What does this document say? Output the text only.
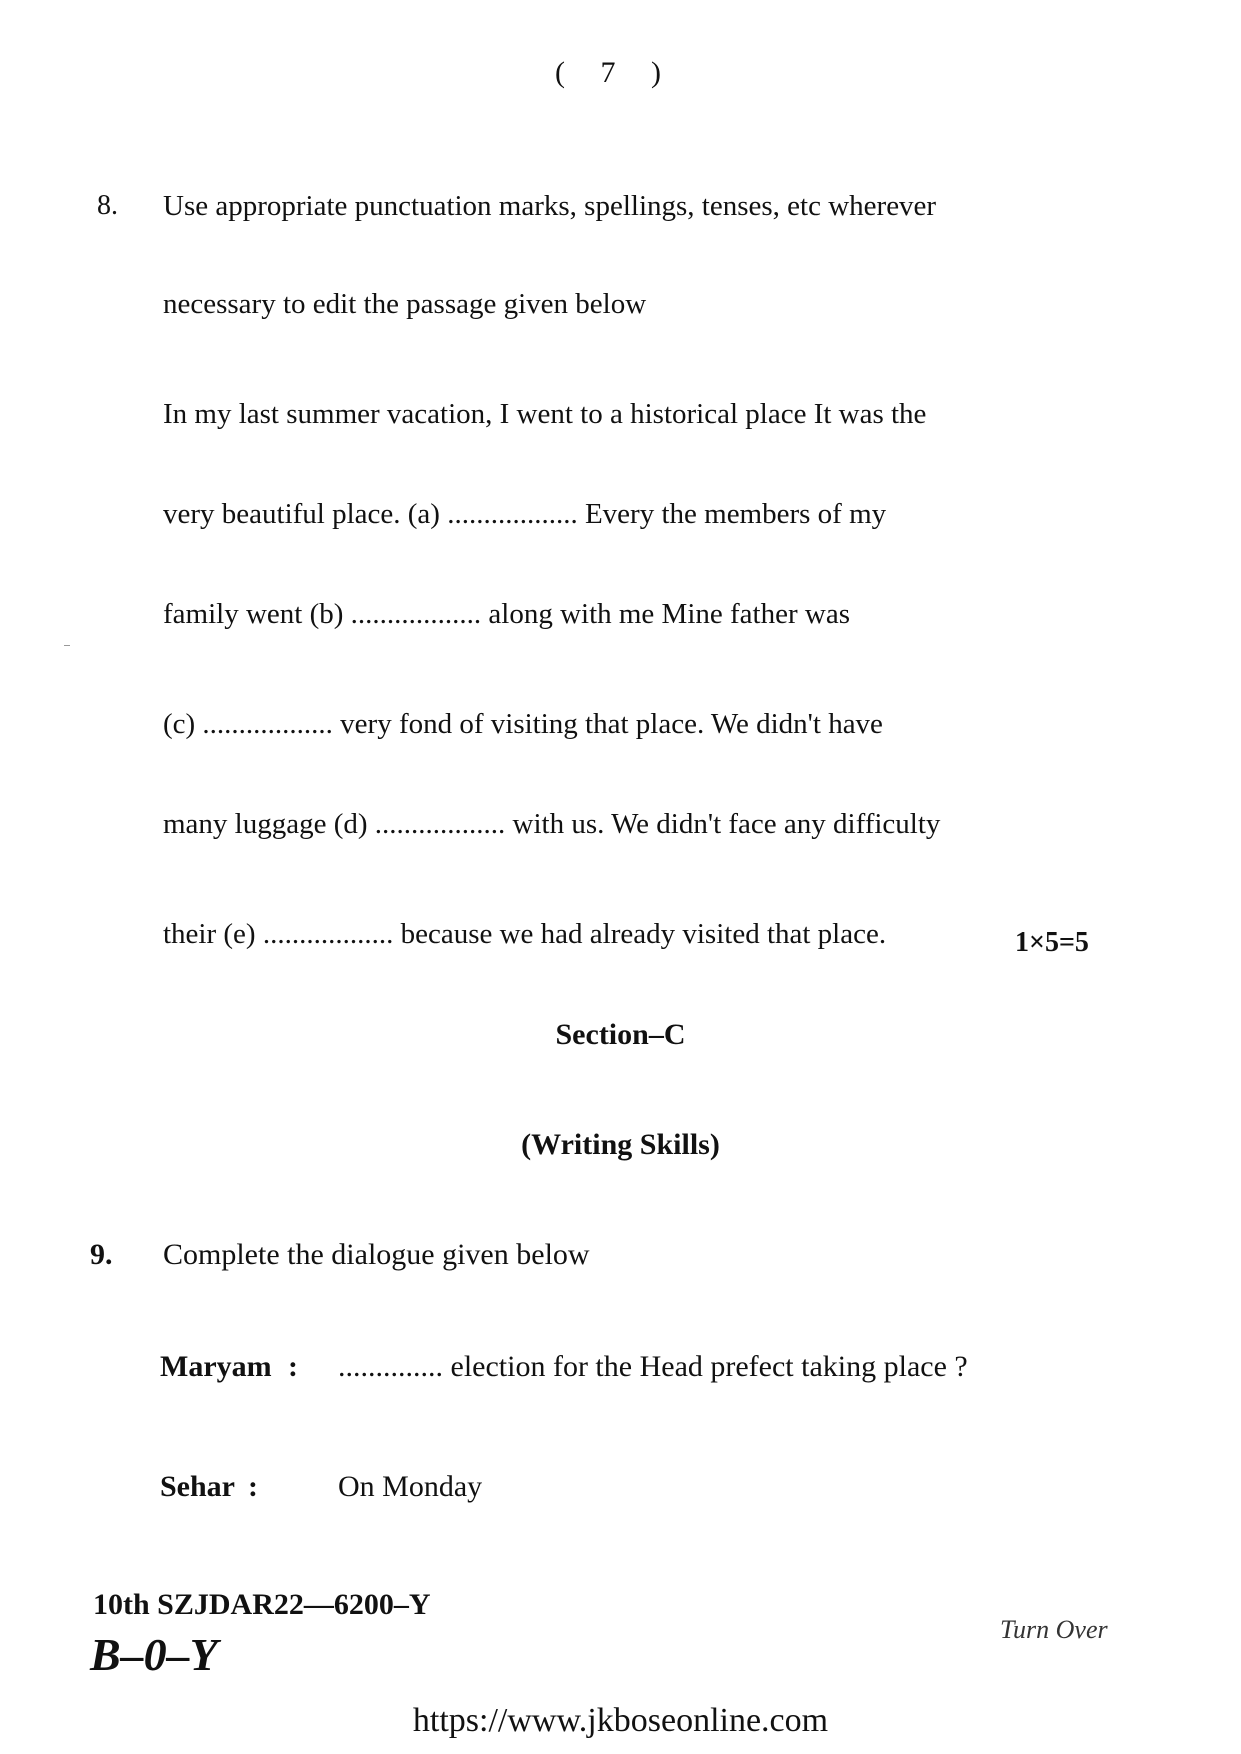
( 7 )
8. Use appropriate punctuation marks, spellings, tenses, etc wherever
necessary to edit the passage given below
In my last summer vacation, I went to a historical place It was the
very beautiful place. (a) .................. Every the members of my
family went (b) .................. along with me Mine father was
(c) .................. very fond of visiting that place. We didn't have
many luggage (d) .................. with us. We didn't face any difficulty
their (e) .................. because we had already visited that place.	1×5=5
Section–C
(Writing Skills)
9. Complete the dialogue given below
Maryam : .............. election for the Head prefect taking place ?
Sehar :	On Monday
10th SZJDAR22—6200–Y
B–0–Y	Turn Over
https://www.jkboseonline.com
